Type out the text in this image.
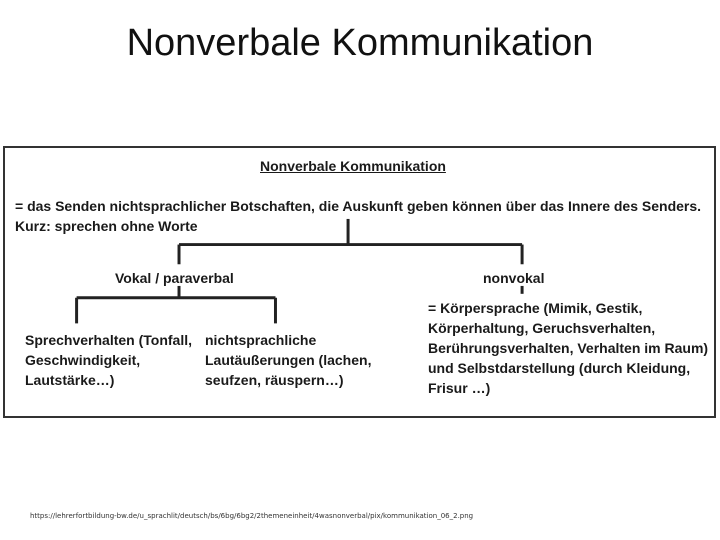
Nonverbale Kommunikation
Nonverbale Kommunikation
= das Senden nichtsprachlicher Botschaften, die Auskunft geben können über das Innere des Senders. Kurz: sprechen ohne Worte
Vokal / paraverbal	nonvokal
Sprechverhalten (Tonfall, Geschwindigkeit, Lautstärke…)
nichtsprachliche Lautäußerungen (lachen, seufzen, räuspern…)
= Körpersprache (Mimik, Gestik, Körperhaltung, Geruchsverhalten, Berührungsverhalten, Verhalten im Raum) und Selbstdarstellung (durch Kleidung, Frisur …)
https://lehrerfortbildung-bw.de/u_sprachlit/deutsch/bs/6bg/6bg2/2themeneinheit/4wasnonverbal/pix/kommunikation_06_2.png
